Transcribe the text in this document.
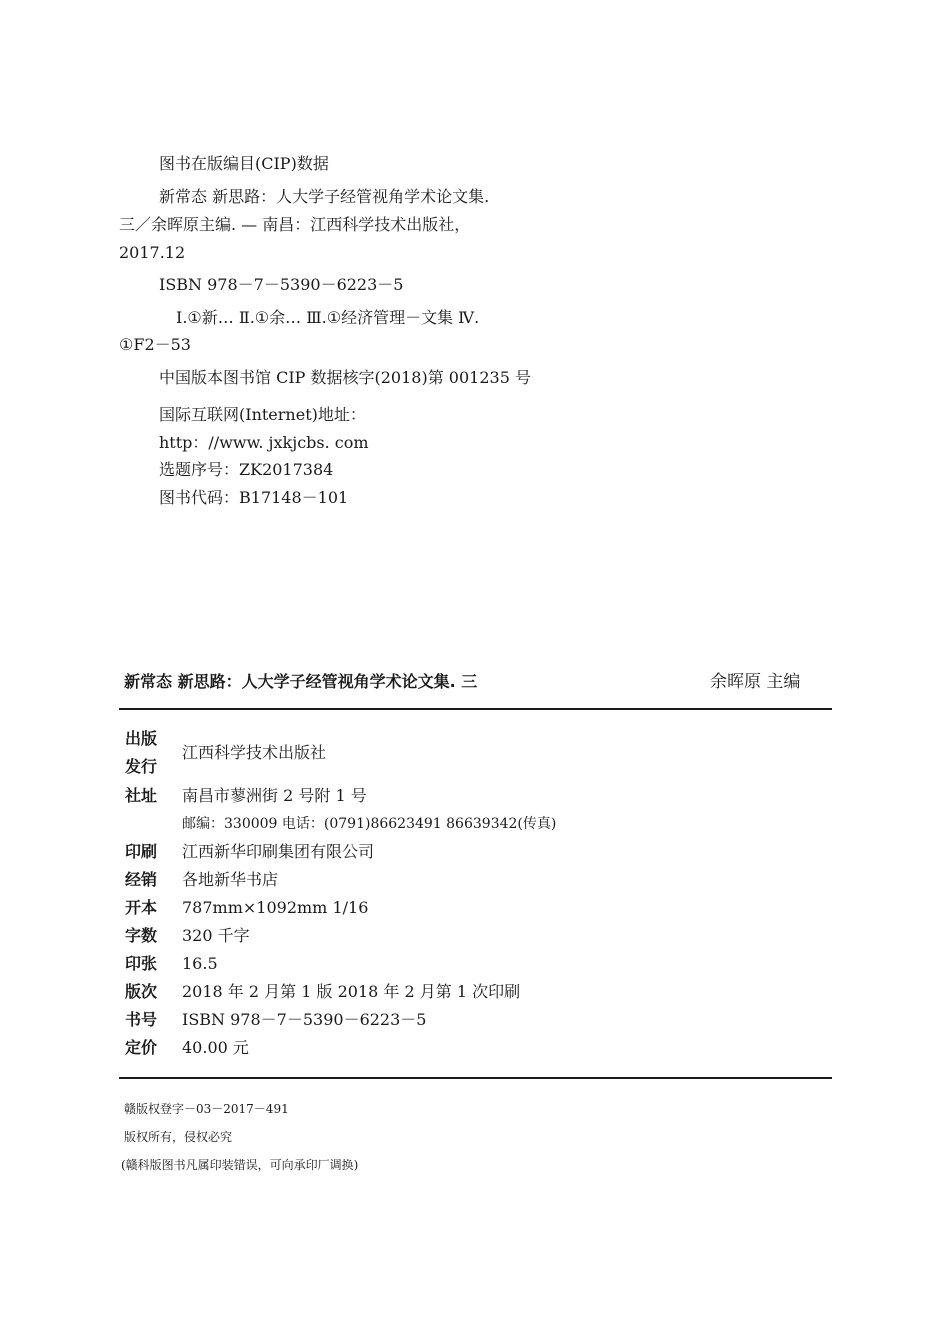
图书在版编目(CIP)数据
新常态 新思路：人大学子经管视角学术论文集.
三／余晖原主编. — 南昌：江西科学技术出版社，
2017.12
ISBN 978－7－5390－6223－5
Ⅰ.①新… Ⅱ.①余… Ⅲ.①经济管理－文集 Ⅳ.
①F2－53
中国版本图书馆 CIP 数据核字(2018)第 001235 号
国际互联网(Internet)地址：
http：//www. jxkjcbs. com
选题序号：ZK2017384
图书代码：B17148－101
新常态 新思路：人大学子经管视角学术论文集. 三	余晖原 主编
出版
发行
江西科学技术出版社
社址 南昌市蓼洲街 2 号附 1 号
邮编：330009 电话：(0791)86623491 86639342(传真)
印刷 江西新华印刷集团有限公司
经销 各地新华书店
开本 787mm×1092mm 1/16
字数 320 千字
印张 16.5
版次 2018 年 2 月第 1 版 2018 年 2 月第 1 次印刷
书号 ISBN 978－7－5390－6223－5
定价 40.00 元
赣版权登字－03－2017－491
版权所有，侵权必究
(赣科版图书凡属印装错误，可向承印厂调换)
